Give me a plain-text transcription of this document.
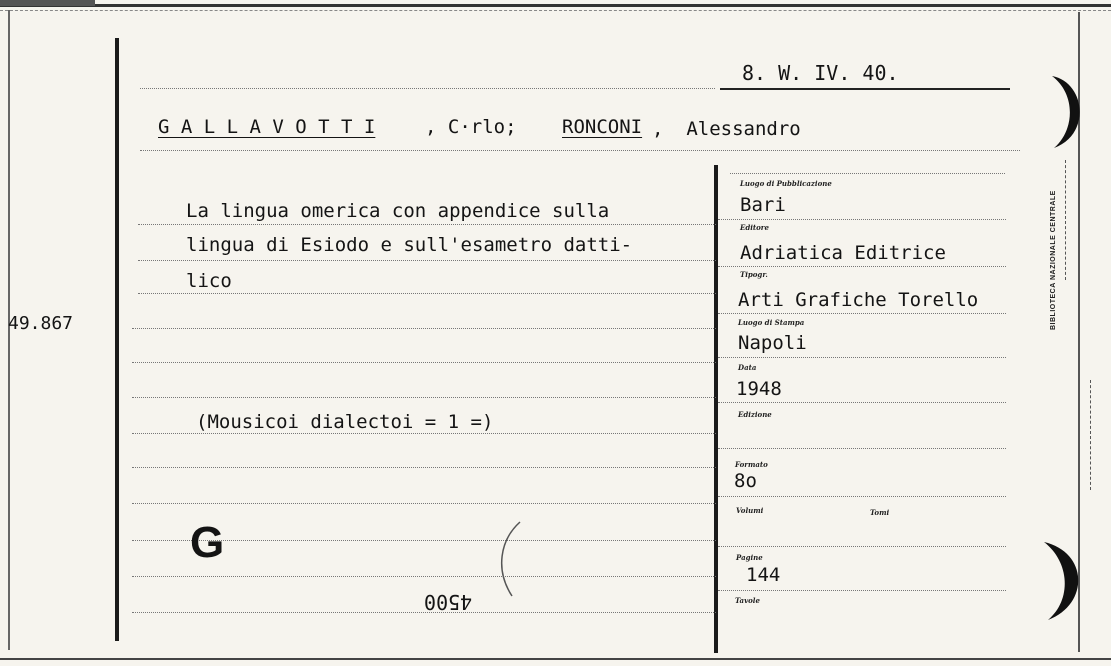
49.867
8. W. IV. 40.
G A L L A V O T T I	, C·rlo; RONCONI ,  Alessandro
La lingua omerica con appendice sulla
lingua di Esiodo e sull'esametro datti-
lico
(Mousicoi dialectoi = 1 =)
G
4500
Luogo di Pubblicazione
Bari
Editore
Adriatica Editrice
Tipogr.
Arti Grafiche Torello
Luogo di Stampa
Napoli
Data
1948
Edizione
Formato
8o
Volumi	Tomi
Pagine
144
Tavole
BIBLIOTECA NAZIONALE CENTRALE
